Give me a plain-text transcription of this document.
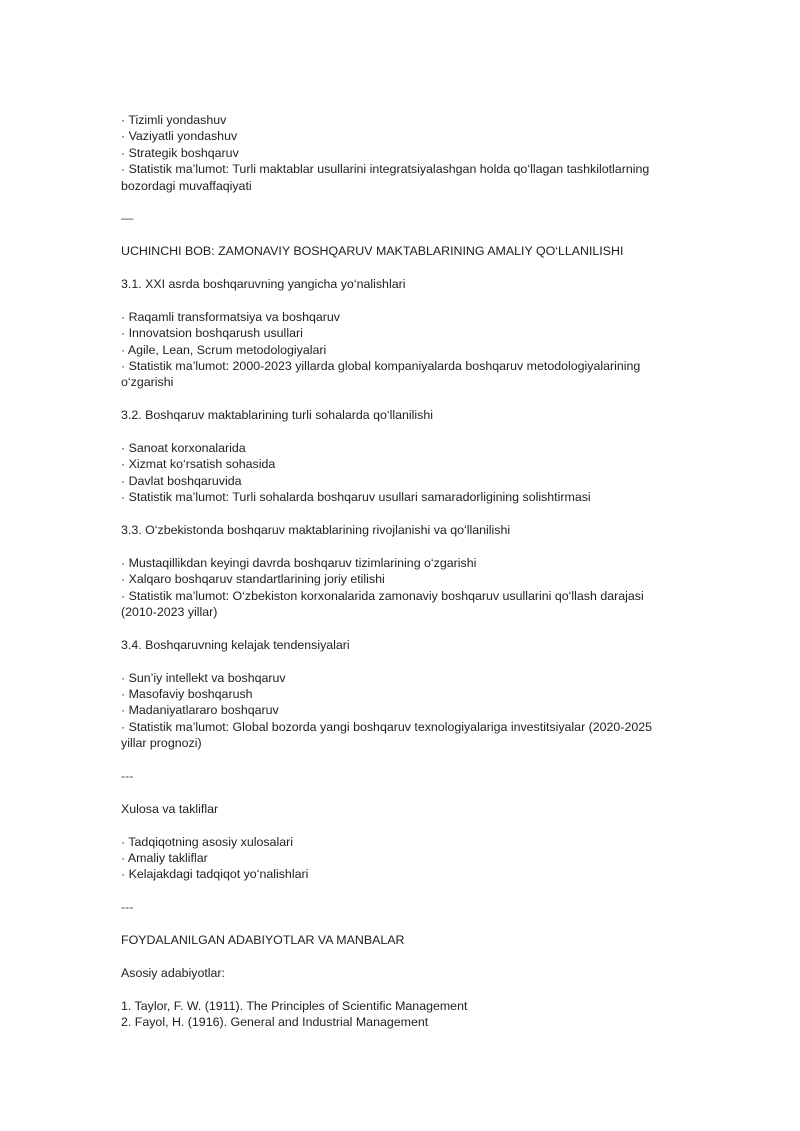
· Tizimli yondashuv
· Vaziyatli yondashuv
· Strategik boshqaruv
· Statistik ma’lumot: Turli maktablar usullarini integratsiyalashgan holda qo‘llagan tashkilotlarning bozordagi muvaffaqiyati
—
UCHINCHI BOB: ZAMONAVIY BOSHQARUV MAKTABLARINING AMALIY QO‘LLANILISHI
3.1. XXI asrda boshqaruvning yangicha yo‘nalishlari
· Raqamli transformatsiya va boshqaruv
· Innovatsion boshqarush usullari
· Agile, Lean, Scrum metodologiyalari
· Statistik ma’lumot: 2000-2023 yillarda global kompaniyalarda boshqaruv metodologiyalarining o‘zgarishi
3.2. Boshqaruv maktablarining turli sohalarda qo‘llanilishi
· Sanoat korxonalarida
· Xizmat ko‘rsatish sohasida
· Davlat boshqaruvida
· Statistik ma’lumot: Turli sohalarda boshqaruv usullari samaradorligining solishtirmasi
3.3. O‘zbekistonda boshqaruv maktablarining rivojlanishi va qo‘llanilishi
· Mustaqillikdan keyingi davrda boshqaruv tizimlarining o‘zgarishi
· Xalqaro boshqaruv standartlarining joriy etilishi
· Statistik ma’lumot: O‘zbekiston korxonalarida zamonaviy boshqaruv usullarini qo‘llash darajasi (2010-2023 yillar)
3.4. Boshqaruvning kelajak tendensiyalari
· Sun’iy intellekt va boshqaruv
· Masofaviy boshqarush
· Madaniyatlararo boshqaruv
· Statistik ma’lumot: Global bozorda yangi boshqaruv texnologiyalariga investitsiyalar (2020-2025 yillar prognozi)
---
Xulosa va takliflar
· Tadqiqotning asosiy xulosalari
· Amaliy takliflar
· Kelajakdagi tadqiqot yo‘nalishlari
---
FOYDALANILGAN ADABIYOTLAR VA MANBALAR
Asosiy adabiyotlar:
1. Taylor, F. W. (1911). The Principles of Scientific Management
2. Fayol, H. (1916). General and Industrial Management
